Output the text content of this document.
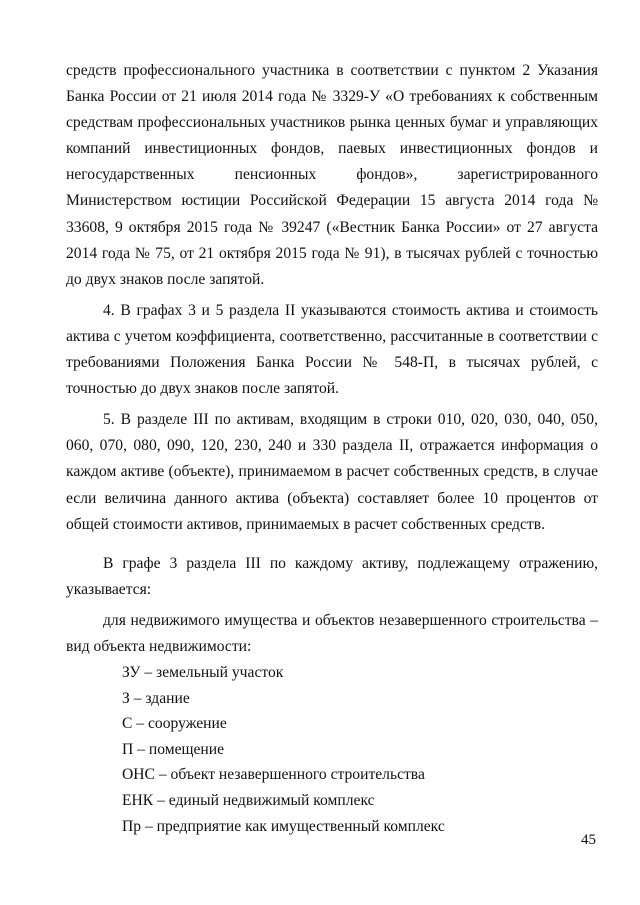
средств профессионального участника в соответствии с пунктом 2 Указания Банка России от 21 июля 2014 года № 3329-У «О требованиях к собственным средствам профессиональных участников рынка ценных бумаг и управляющих компаний инвестиционных фондов, паевых инвестиционных фондов и негосударственных пенсионных фондов», зарегистрированного Министерством юстиции Российской Федерации 15 августа 2014 года № 33608, 9 октября 2015 года № 39247 («Вестник Банка России» от 27 августа 2014 года № 75, от 21 октября 2015 года № 91), в тысячах рублей с точностью до двух знаков после запятой.

4. В графах 3 и 5 раздела II указываются стоимость актива и стоимость актива с учетом коэффициента, соответственно, рассчитанные в соответствии с требованиями Положения Банка России № 548-П, в тысячах рублей, с точностью до двух знаков после запятой.

5. В разделе III по активам, входящим в строки 010, 020, 030, 040, 050, 060, 070, 080, 090, 120, 230, 240 и 330 раздела II, отражается информация о каждом активе (объекте), принимаемом в расчет собственных средств, в случае если величина данного актива (объекта) составляет более 10 процентов от общей стоимости активов, принимаемых в расчет собственных средств.

В графе 3 раздела III по каждому активу, подлежащему отражению, указывается:

для недвижимого имущества и объектов незавершенного строительства – вид объекта недвижимости:

ЗУ – земельный участок
З – здание
С – сооружение
П – помещение
ОНС – объект незавершенного строительства
ЕНК – единый недвижимый комплекс
Пр – предприятие как имущественный комплекс
45
